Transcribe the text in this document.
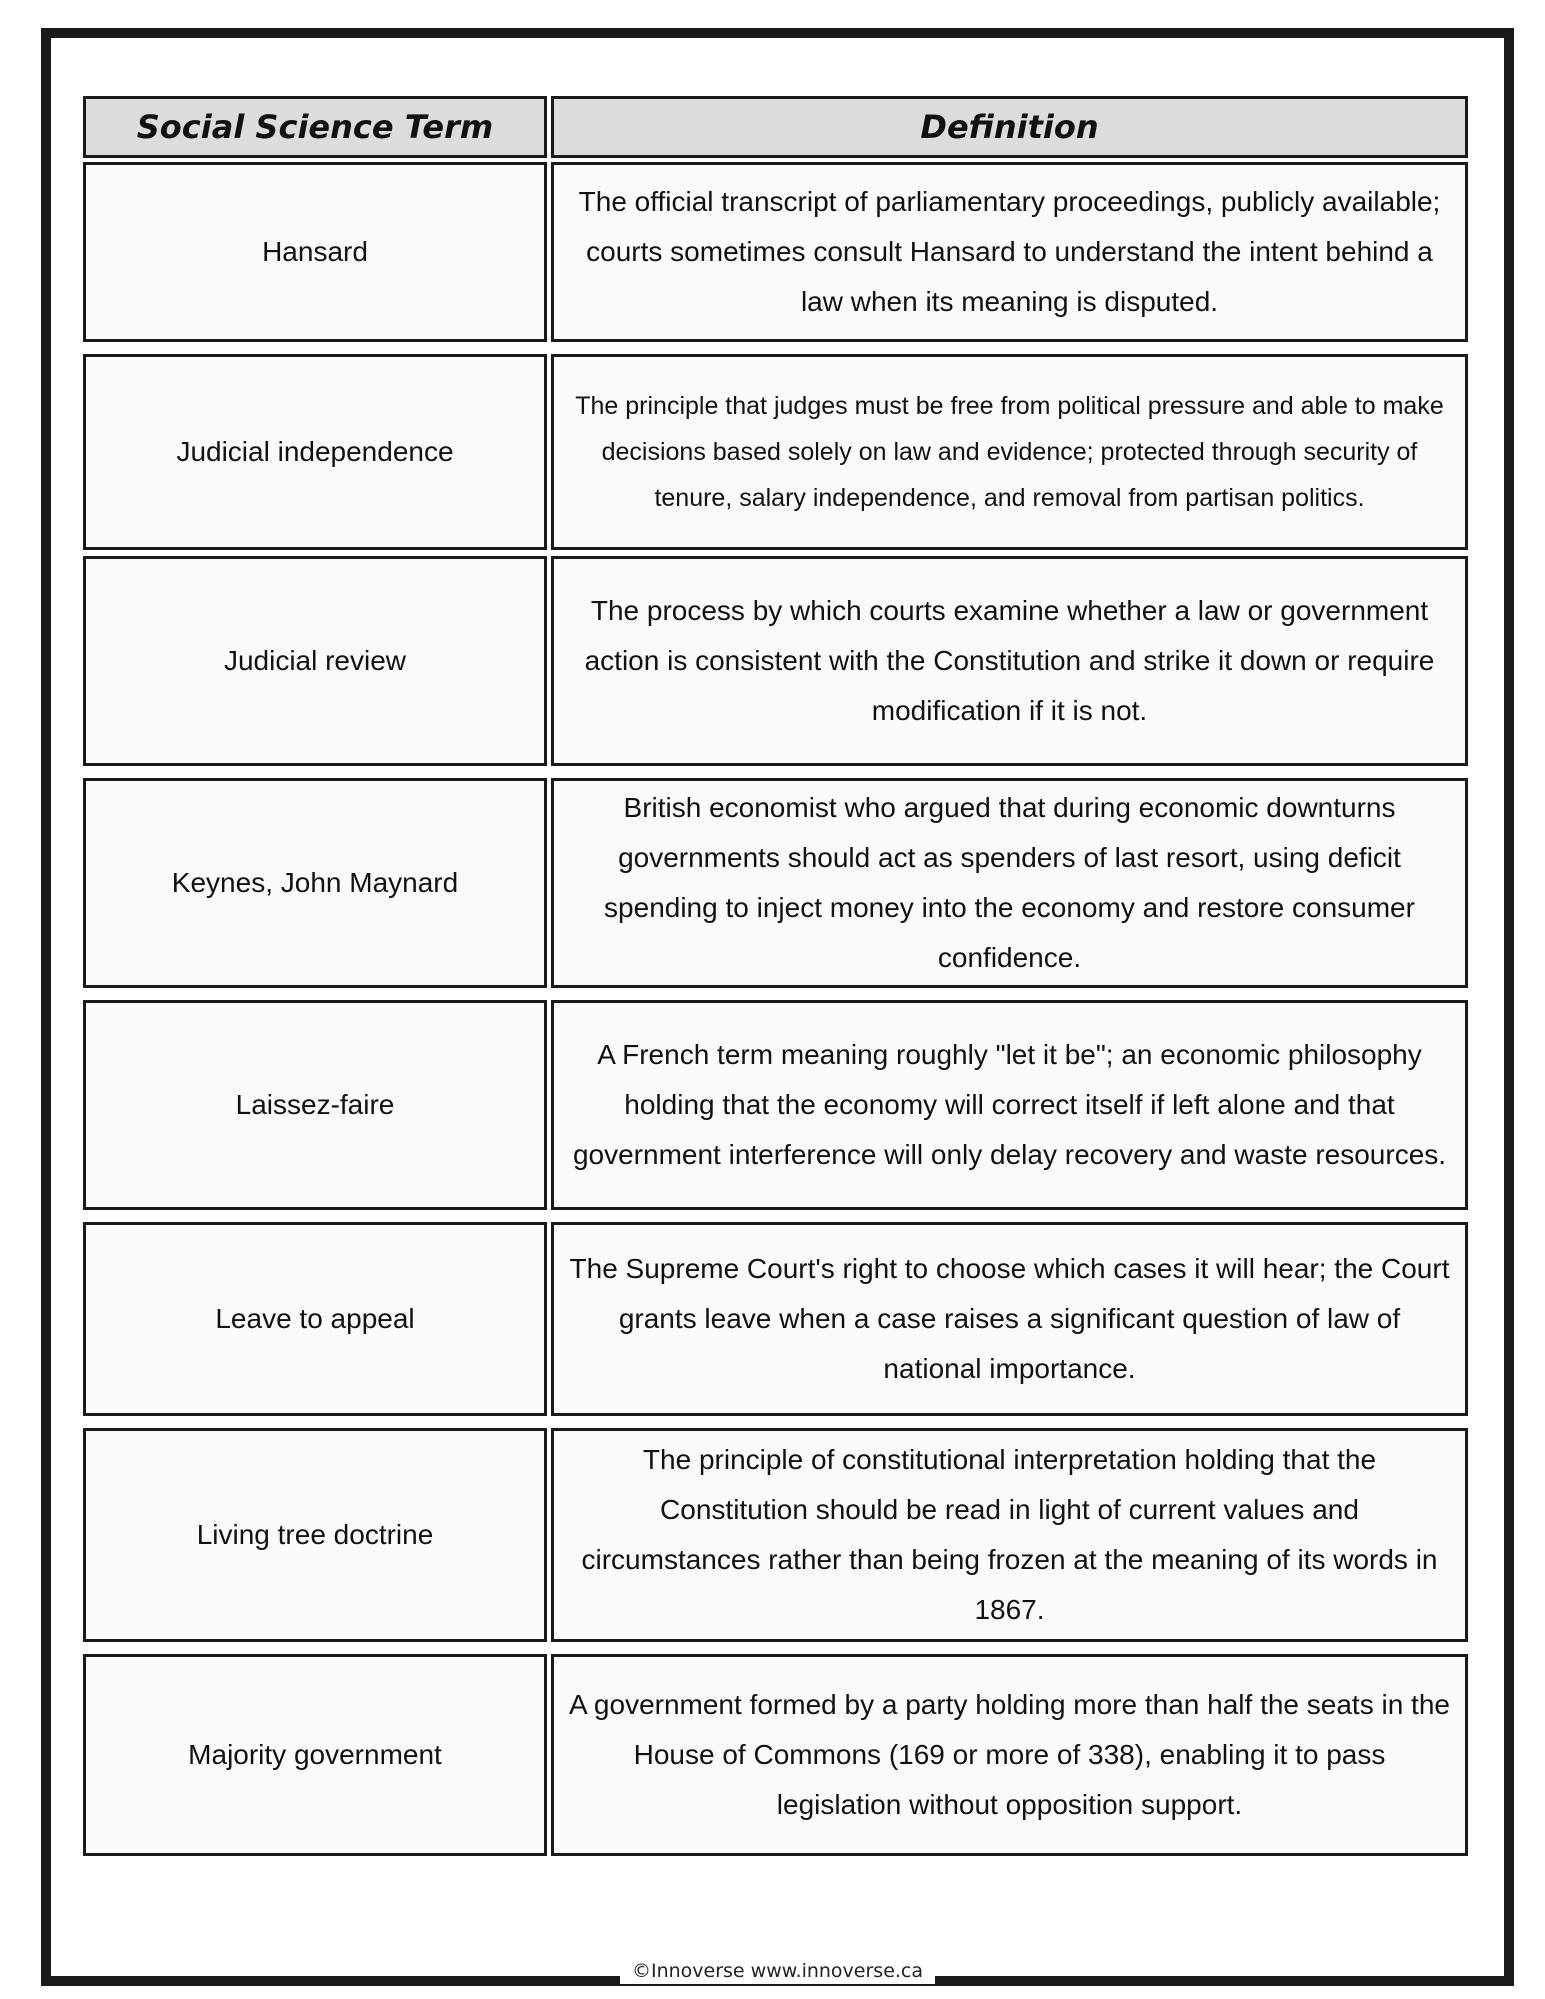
Social Science Term	Definition
Hansard
The official transcript of parliamentary proceedings, publicly available; courts sometimes consult Hansard to understand the intent behind a law when its meaning is disputed.
Judicial independence
The principle that judges must be free from political pressure and able to make decisions based solely on law and evidence; protected through security of tenure, salary independence, and removal from partisan politics.
Judicial review
The process by which courts examine whether a law or government action is consistent with the Constitution and strike it down or require modification if it is not.
Keynes, John Maynard
British economist who argued that during economic downturns governments should act as spenders of last resort, using deficit spending to inject money into the economy and restore consumer confidence.
Laissez-faire
A French term meaning roughly "let it be"; an economic philosophy holding that the economy will correct itself if left alone and that government interference will only delay recovery and waste resources.
Leave to appeal
The Supreme Court's right to choose which cases it will hear; the Court grants leave when a case raises a significant question of law of national importance.
Living tree doctrine
The principle of constitutional interpretation holding that the Constitution should be read in light of current values and circumstances rather than being frozen at the meaning of its words in 1867.
Majority government
A government formed by a party holding more than half the seats in the House of Commons (169 or more of 338), enabling it to pass legislation without opposition support.
©Innoverse www.innoverse.ca
